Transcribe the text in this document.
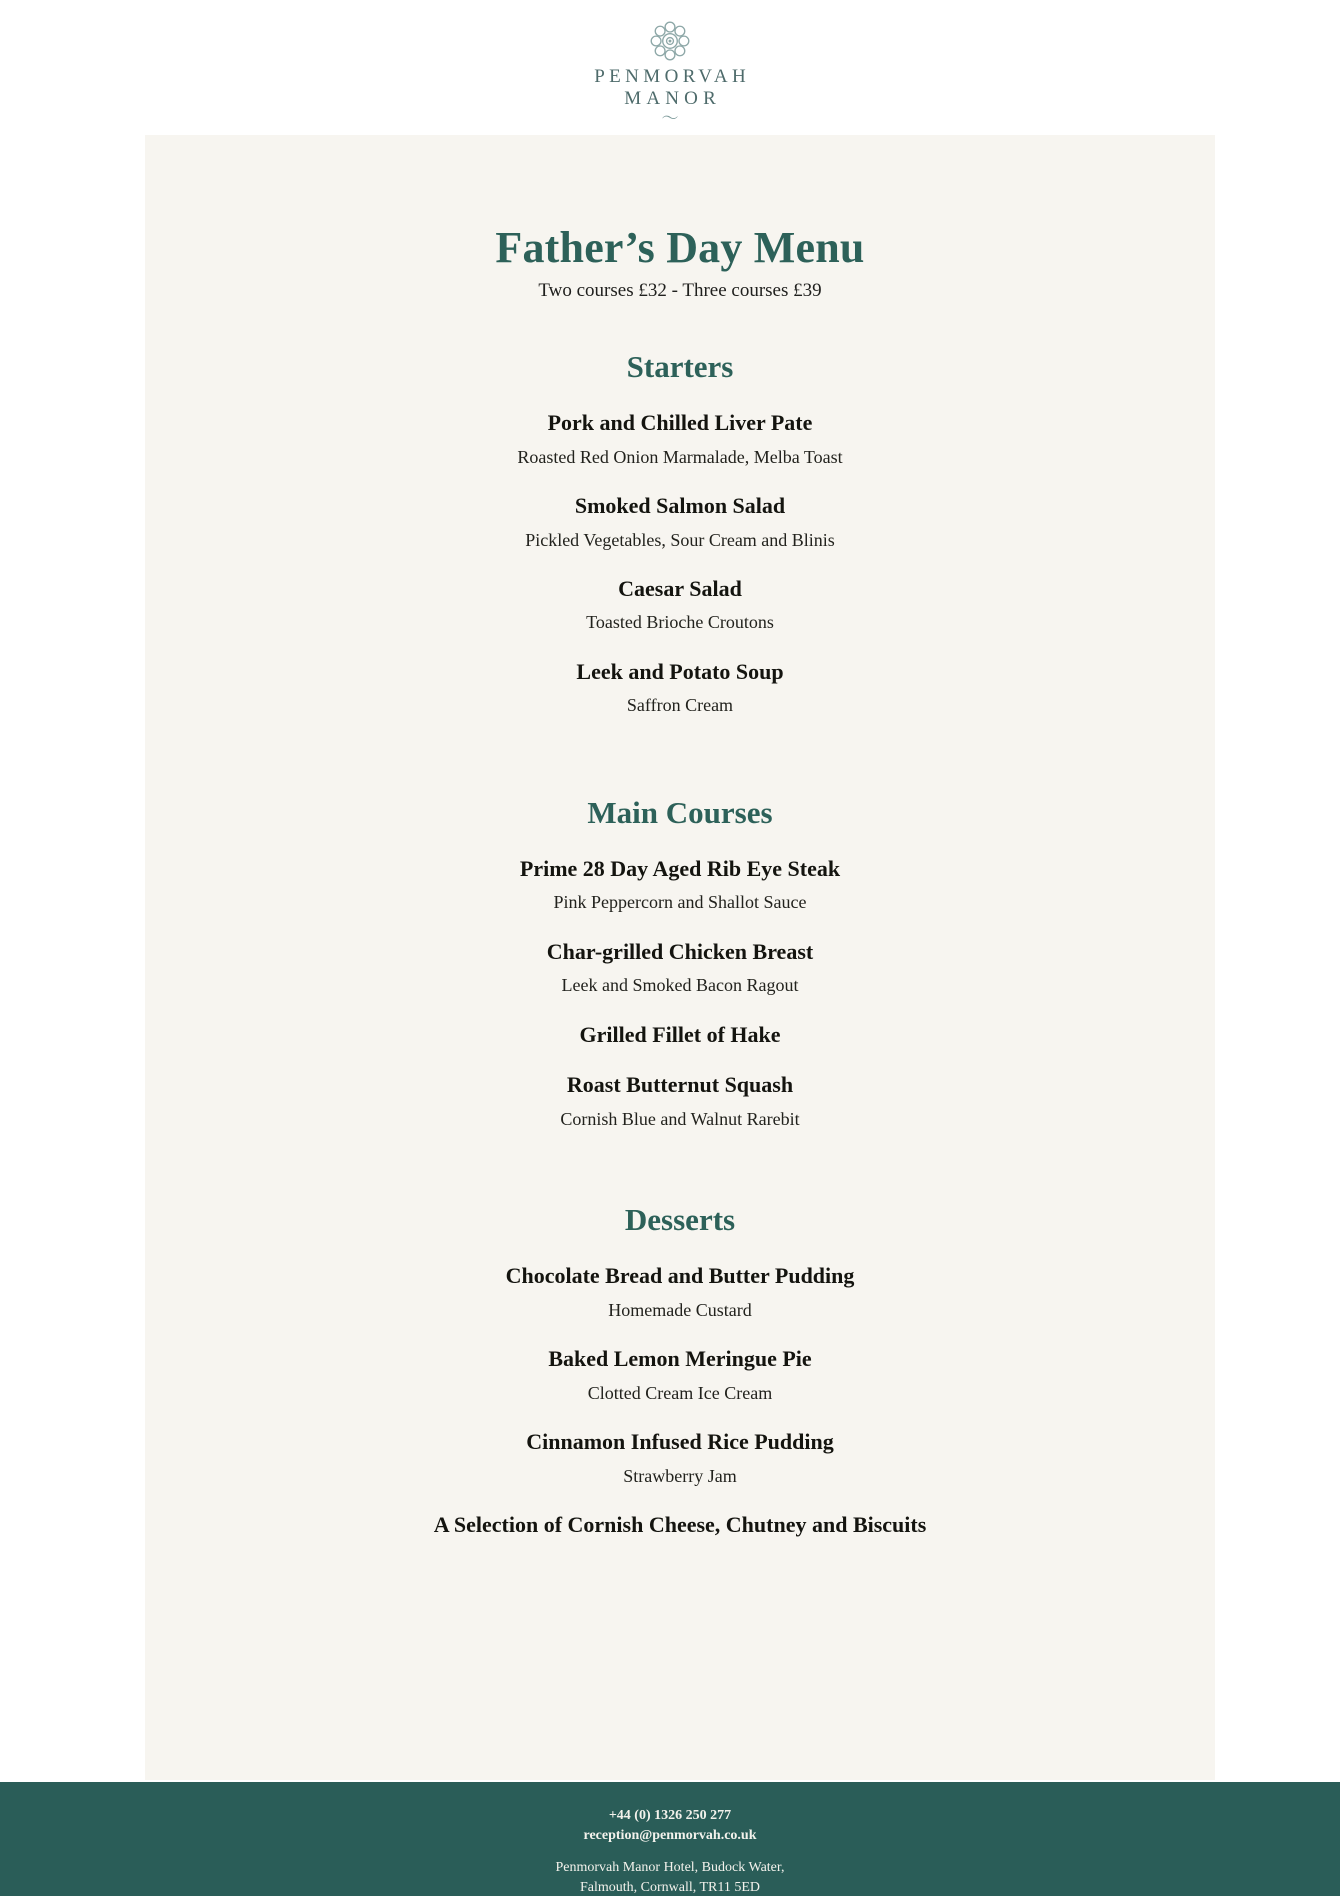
PENMORVAH
MANOR
〜
Father’s Day Menu

Two courses £32 - Three courses £39

Starters

Pork and Chilled Liver Pate

Roasted Red Onion Marmalade, Melba Toast

Smoked Salmon Salad

Pickled Vegetables, Sour Cream and Blinis

Caesar Salad

Toasted Brioche Croutons

Leek and Potato Soup

Saffron Cream

Main Courses

Prime 28 Day Aged Rib Eye Steak

Pink Peppercorn and Shallot Sauce

Char-grilled Chicken Breast

Leek and Smoked Bacon Ragout

Grilled Fillet of Hake

Roast Butternut Squash

Cornish Blue and Walnut Rarebit

Desserts

Chocolate Bread and Butter Pudding

Homemade Custard

Baked Lemon Meringue Pie

Clotted Cream Ice Cream

Cinnamon Infused Rice Pudding

Strawberry Jam

A Selection of Cornish Cheese, Chutney and Biscuits

+44 (0) 1326 250 277
reception@penmorvah.co.uk
Penmorvah Manor Hotel, Budock Water,
Falmouth, Cornwall, TR11 5ED
